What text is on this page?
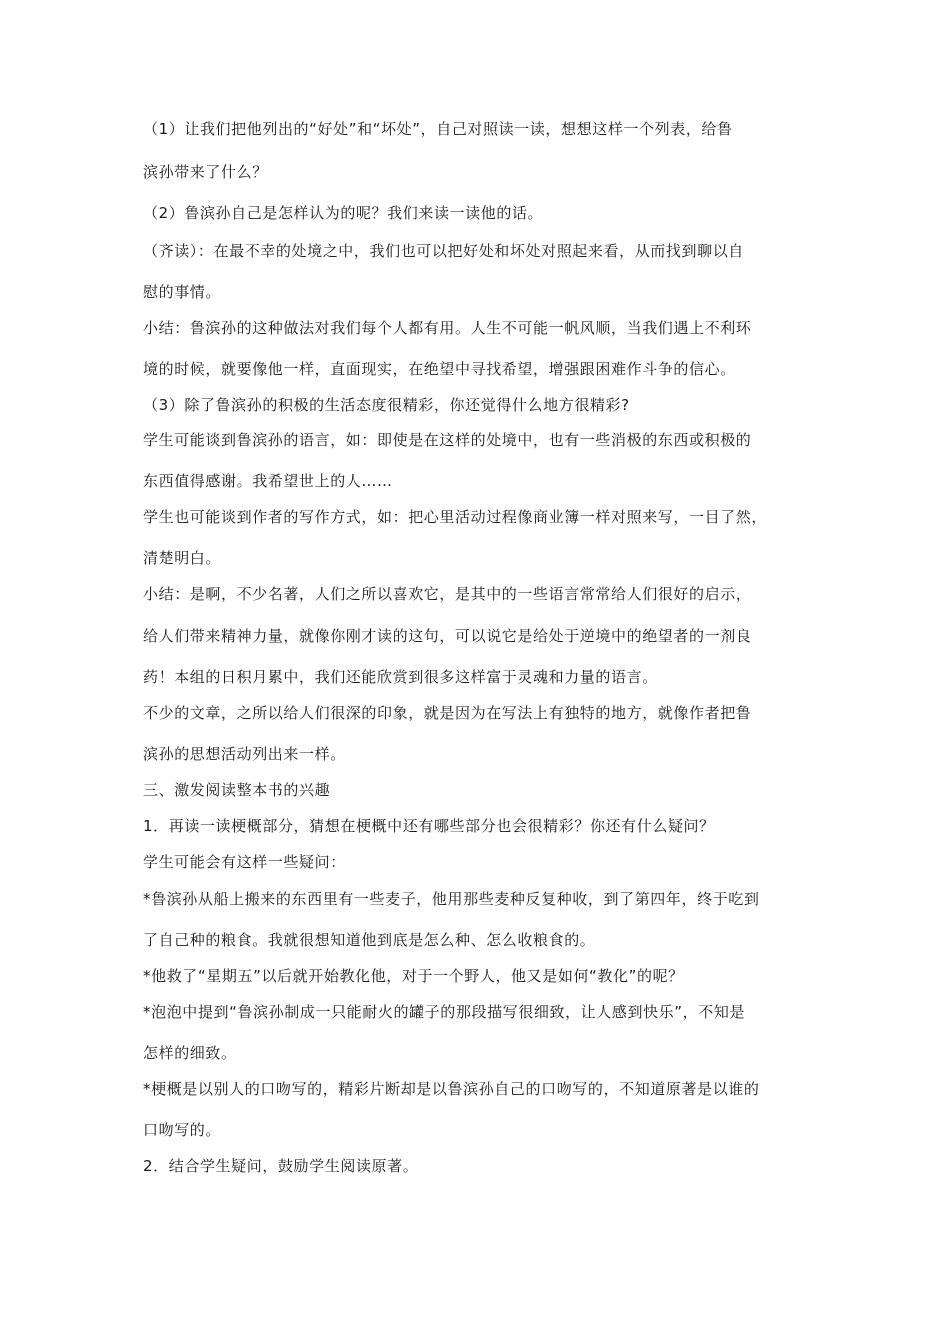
（1）让我们把他列出的“好处”和“坏处”，自己对照读一读，想想这样一个列表，给鲁
滨孙带来了什么？
（2）鲁滨孙自己是怎样认为的呢？我们来读一读他的话。
（齐读）：在最不幸的处境之中，我们也可以把好处和坏处对照起来看，从而找到聊以自
慰的事情。
小结：鲁滨孙的这种做法对我们每个人都有用。人生不可能一帆风顺，当我们遇上不利环
境的时候，就要像他一样，直面现实，在绝望中寻找希望，增强跟困难作斗争的信心。
（3）除了鲁滨孙的积极的生活态度很精彩，你还觉得什么地方很精彩?
学生可能谈到鲁滨孙的语言，如：即使是在这样的处境中，也有一些消极的东西或积极的
东西值得感谢。我希望世上的人……
学生也可能谈到作者的写作方式，如：把心里活动过程像商业簿一样对照来写，一目了然，
清楚明白。
小结：是啊，不少名著，人们之所以喜欢它，是其中的一些语言常常给人们很好的启示，
给人们带来精神力量，就像你刚才读的这句，可以说它是给处于逆境中的绝望者的一剂良
药！本组的日积月累中，我们还能欣赏到很多这样富于灵魂和力量的语言。
不少的文章，之所以给人们很深的印象，就是因为在写法上有独特的地方，就像作者把鲁
滨孙的思想活动列出来一样。
三、激发阅读整本书的兴趣
1．再读一读梗概部分，猜想在梗概中还有哪些部分也会很精彩？你还有什么疑问？
学生可能会有这样一些疑问：
*鲁滨孙从船上搬来的东西里有一些麦子，他用那些麦种反复种收，到了第四年，终于吃到
了自己种的粮食。我就很想知道他到底是怎么种、怎么收粮食的。
*他救了“星期五”以后就开始教化他，对于一个野人，他又是如何“教化”的呢？
*泡泡中提到“鲁滨孙制成一只能耐火的罐子的那段描写很细致，让人感到快乐”，不知是
怎样的细致。
*梗概是以别人的口吻写的，精彩片断却是以鲁滨孙自己的口吻写的，不知道原著是以谁的
口吻写的。
2．结合学生疑问，鼓励学生阅读原著。
